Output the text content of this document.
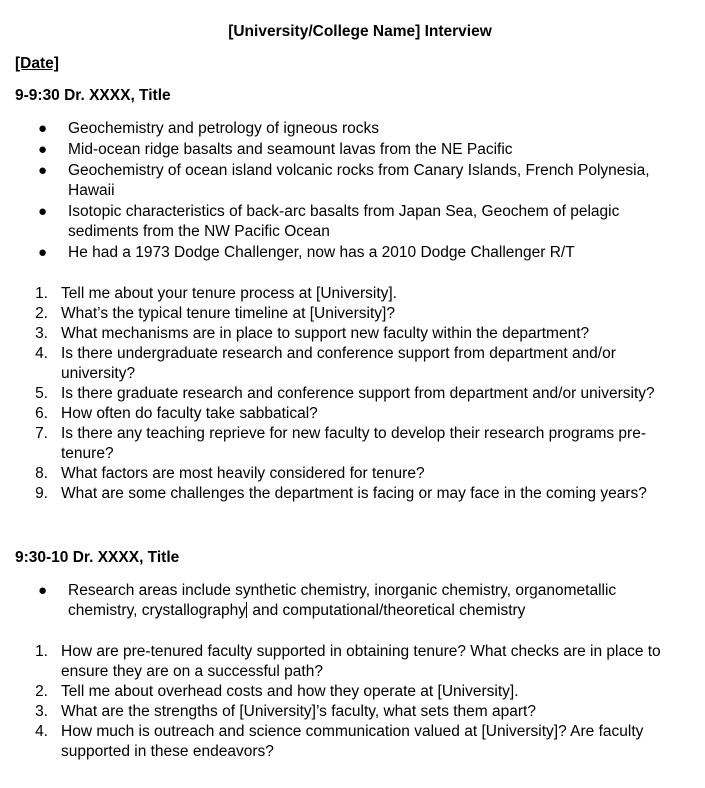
[University/College Name] Interview
[Date]
9-9:30 Dr. XXXX, Title
● Geochemistry and petrology of igneous rocks
● Mid-ocean ridge basalts and seamount lavas from the NE Pacific
● Geochemistry of ocean island volcanic rocks from Canary Islands, French Polynesia, Hawaii
● Isotopic characteristics of back-arc basalts from Japan Sea, Geochem of pelagic sediments from the NW Pacific Ocean
● He had a 1973 Dodge Challenger, now has a 2010 Dodge Challenger R/T
1. Tell me about your tenure process at [University].
2. What’s the typical tenure timeline at [University]?
3. What mechanisms are in place to support new faculty within the department?
4. Is there undergraduate research and conference support from department and/or university?
5. Is there graduate research and conference support from department and/or university?
6. How often do faculty take sabbatical?
7. Is there any teaching reprieve for new faculty to develop their research programs pre-tenure?
8. What factors are most heavily considered for tenure?
9. What are some challenges the department is facing or may face in the coming years?
9:30-10 Dr. XXXX, Title
● Research areas include synthetic chemistry, inorganic chemistry, organometallic chemistry, crystallography and computational/theoretical chemistry
1. How are pre-tenured faculty supported in obtaining tenure? What checks are in place to ensure they are on a successful path?
2. Tell me about overhead costs and how they operate at [University].
3. What are the strengths of [University]’s faculty, what sets them apart?
4. How much is outreach and science communication valued at [University]? Are faculty supported in these endeavors?
